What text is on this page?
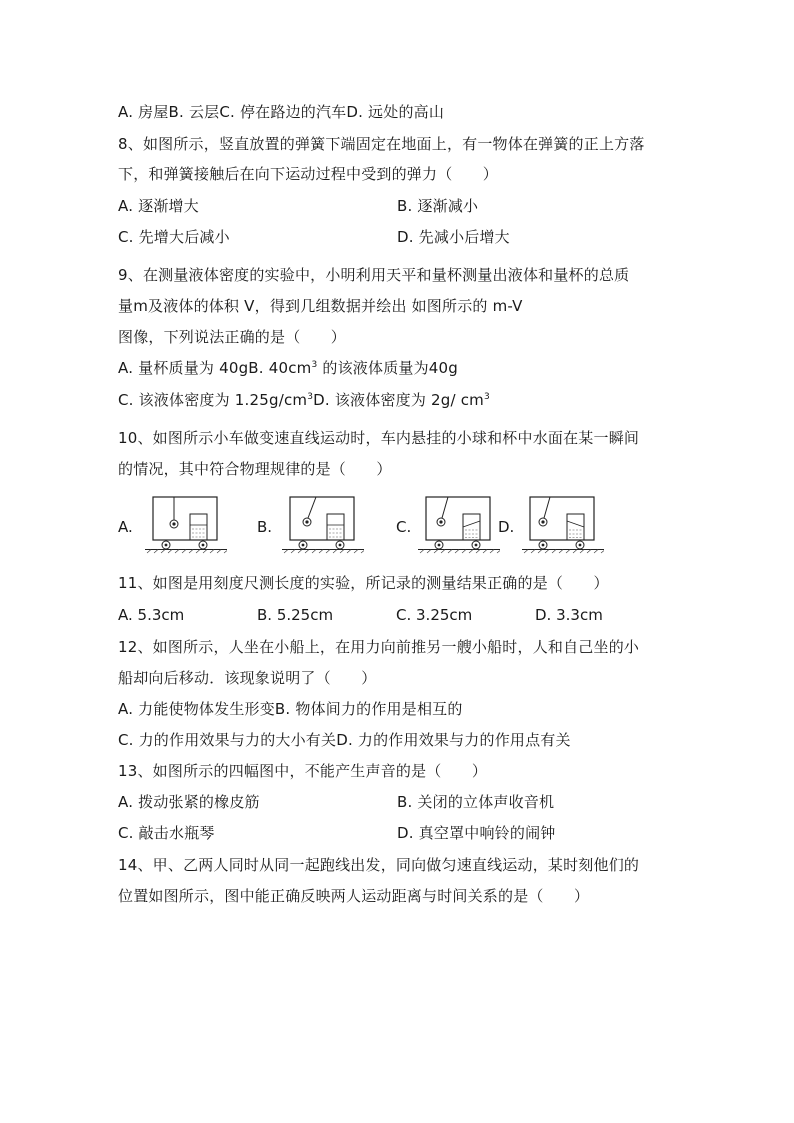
A. 房屋B. 云层C. 停在路边的汽车D. 远处的高山
8、如图所示，竖直放置的弹簧下端固定在地面上，有一物体在弹簧的正上方落
下，和弹簧接触后在向下运动过程中受到的弹力（　　）
A. 逐渐增大	B. 逐渐减小
C. 先增大后减小	D. 先减小后增大
9、在测量液体密度的实验中，小明利用天平和量杯测量出液体和量杯的总质
量m及液体的体积 V，得到几组数据并绘出 如图所示的 m-V
图像，下列说法正确的是（　　）
A. 量杯质量为 40gB. $40cm^3$ 的该液体质量为40g
C. 该液体密度为 $1.25g/cm^3D$. 该液体密度为 2g/ $cm^3$
10、如图所示小车做变速直线运动时，车内悬挂的小球和杯中水面在某一瞬间
的情况，其中符合物理规律的是（　　）
A.	B.	C.	D.
11、如图是用刻度尺测长度的实验，所记录的测量结果正确的是（　　）
A. 5.3cm	B. 5.25cm	C. 3.25cm	D. 3.3cm
12、如图所示，人坐在小船上，在用力向前推另一艘小船时，人和自己坐的小
船却向后移动．该现象说明了（　　）
A. 力能使物体发生形变B. 物体间力的作用是相互的
C. 力的作用效果与力的大小有关D. 力的作用效果与力的作用点有关
13、如图所示的四幅图中，不能产生声音的是（　　）
A. 拨动张紧的橡皮筋	B. 关闭的立体声收音机
C. 敲击水瓶琴	D. 真空罩中响铃的闹钟
14、甲、乙两人同时从同一起跑线出发，同向做匀速直线运动，某时刻他们的
位置如图所示，图中能正确反映两人运动距离与时间关系的是（　　）
